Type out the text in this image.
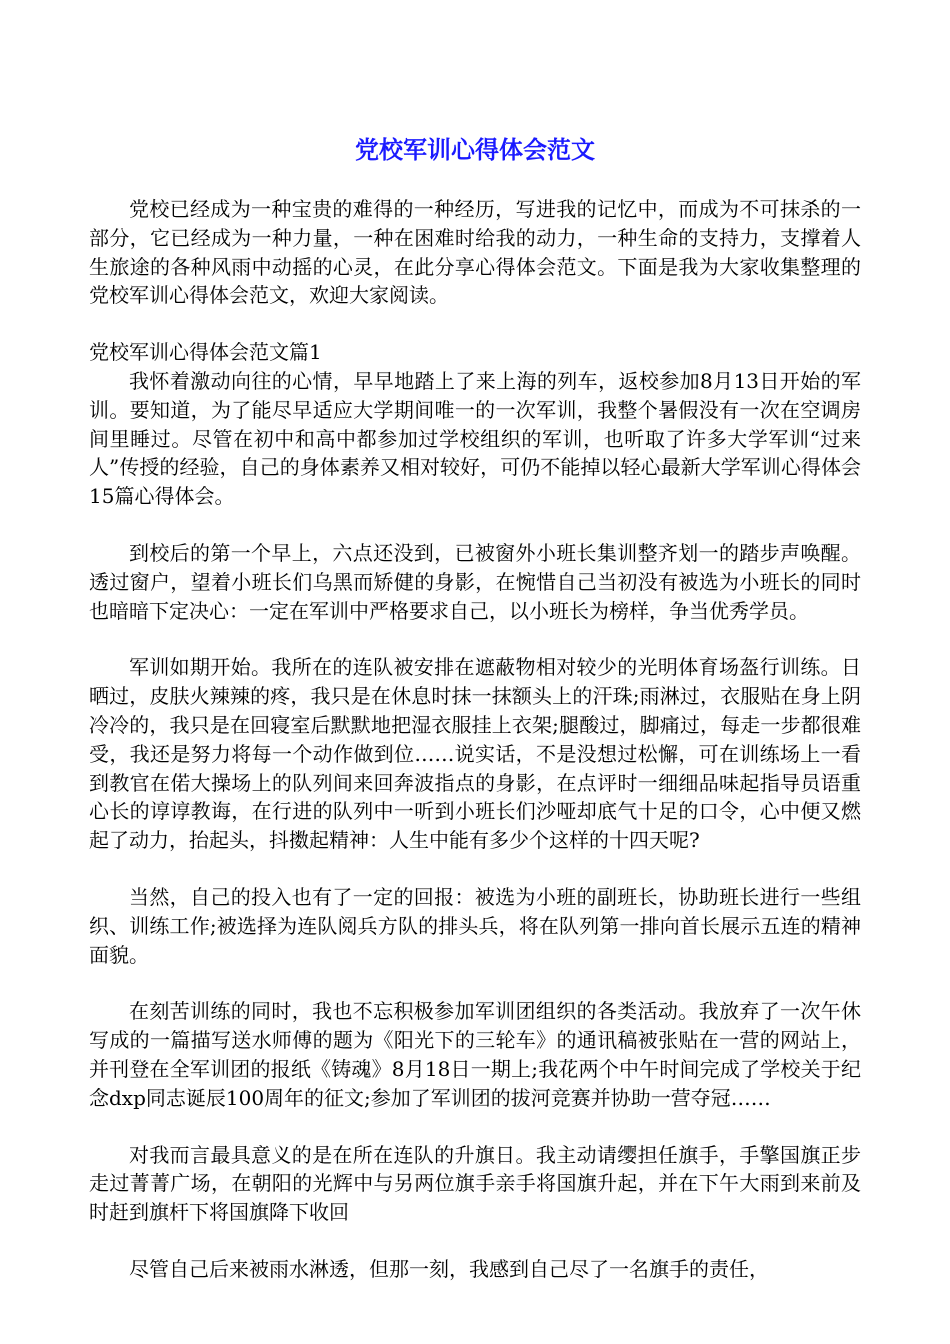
党校军训心得体会范文

党校已经成为一种宝贵的难得的一种经历，写进我的记忆中，而成为不可抹杀的一部分，它已经成为一种力量，一种在困难时给我的动力，一种生命的支持力，支撑着人生旅途的各种风雨中动摇的心灵，在此分享心得体会范文。下面是我为大家收集整理的党校军训心得体会范文，欢迎大家阅读。

党校军训心得体会范文篇1

我怀着激动向往的心情，早早地踏上了来上海的列车，返校参加8月13日开始的军训。要知道，为了能尽早适应大学期间唯一的一次军训，我整个暑假没有一次在空调房间里睡过。尽管在初中和高中都参加过学校组织的军训，也听取了许多大学军训“过来人”传授的经验，自己的身体素养又相对较好，可仍不能掉以轻心最新大学军训心得体会15篇心得体会。

到校后的第一个早上，六点还没到，已被窗外小班长集训整齐划一的踏步声唤醒。透过窗户，望着小班长们乌黑而矫健的身影，在惋惜自己当初没有被选为小班长的同时也暗暗下定决心：一定在军训中严格要求自己，以小班长为榜样，争当优秀学员。

军训如期开始。我所在的连队被安排在遮蔽物相对较少的光明体育场盔行训练。日晒过，皮肤火辣辣的疼，我只是在休息时抹一抹额头上的汗珠;雨淋过，衣服贴在身上阴冷冷的，我只是在回寝室后默默地把湿衣服挂上衣架;腿酸过，脚痛过，每走一步都很难受，我还是努力将每一个动作做到位……说实话，不是没想过松懈，可在训练场上一看到教官在偌大操场上的队列间来回奔波指点的身影，在点评时一细细品味起指导员语重心长的谆谆教诲，在行进的队列中一听到小班长们沙哑却底气十足的口令，心中便又燃起了动力，抬起头，抖擞起精神：人生中能有多少个这样的十四天呢?

当然，自己的投入也有了一定的回报：被选为小班的副班长，协助班长进行一些组织、训练工作;被选择为连队阅兵方队的排头兵，将在队列第一排向首长展示五连的精神面貌。

在刻苦训练的同时，我也不忘积极参加军训团组织的各类活动。我放弃了一次午休写成的一篇描写送水师傅的题为《阳光下的三轮车》的通讯稿被张贴在一营的网站上，并刊登在全军训团的报纸《铸魂》8月18日一期上;我花两个中午时间完成了学校关于纪念dxp同志诞辰100周年的征文;参加了军训团的拔河竞赛并协助一营夺冠……

对我而言最具意义的是在所在连队的升旗日。我主动请缨担任旗手，手擎国旗正步走过菁菁广场，在朝阳的光辉中与另两位旗手亲手将国旗升起，并在下午大雨到来前及时赶到旗杆下将国旗降下收回

尽管自己后来被雨水淋透，但那一刻，我感到自己尽了一名旗手的责任，
